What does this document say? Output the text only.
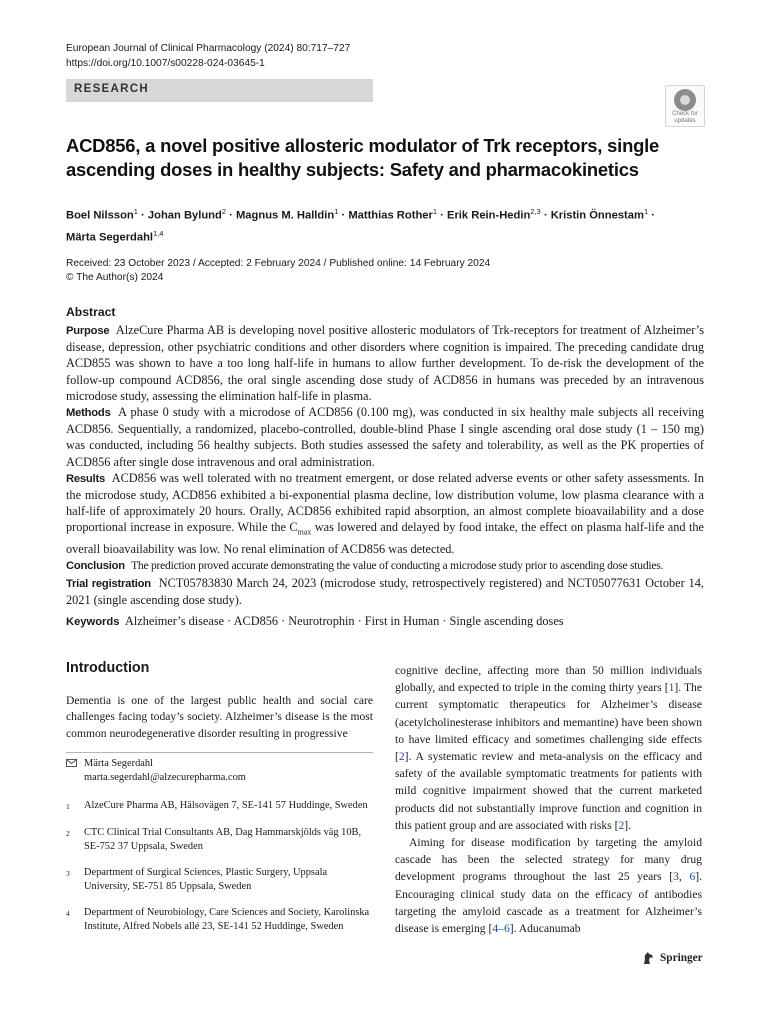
European Journal of Clinical Pharmacology (2024) 80:717–727
https://doi.org/10.1007/s00228-024-03645-1
RESEARCH
Check for
updates
ACD856, a novel positive allosteric modulator of Trk receptors, single ascending doses in healthy subjects: Safety and pharmacokinetics
Boel Nilsson$^1$ · Johan Bylund$^2$ · Magnus M. Halldin$^1$ · Matthias Rother$^1$ · Erik Rein-Hedin$^{2,3}$ · Kristin Önnestam$^1$ ·
Märta Segerdahl$^{1,4}$
Received: 23 October 2023 / Accepted: 2 February 2024 / Published online: 14 February 2024
© The Author(s) 2024
Abstract

Purpose AlzeCure Pharma AB is developing novel positive allosteric modulators of Trk-receptors for treatment of Alzheimer’s disease, depression, other psychiatric conditions and other disorders where cognition is impaired. The preceding candidate drug ACD855 was shown to have a too long half-life in humans to allow further development. To de-risk the development of the follow-up compound ACD856, the oral single ascending dose study of ACD856 in humans was preceded by an intravenous microdose study, assessing the elimination half-life in plasma.

Methods A phase 0 study with a microdose of ACD856 (0.100 mg), was conducted in six healthy male subjects all receiving ACD856. Sequentially, a randomized, placebo-controlled, double-blind Phase I single ascending oral dose study (1 – 150 mg) was conducted, including 56 healthy subjects. Both studies assessed the safety and tolerability, as well as the PK properties of ACD856 after single dose intravenous and oral administration.

Results ACD856 was well tolerated with no treatment emergent, or dose related adverse events or other safety assessments. In the microdose study, ACD856 exhibited a bi-exponential plasma decline, low distribution volume, low plasma clearance with a half-life of approximately 20 hours. Orally, ACD856 exhibited rapid absorption, an almost complete bioavailability and a dose proportional increase in exposure. While the $C_{max}$ was lowered and delayed by food intake, the effect on plasma half-life and the overall bioavailability was low. No renal elimination of ACD856 was detected.

Conclusion The prediction proved accurate demonstrating the value of conducting a microdose study prior to ascending dose studies.

Trial registration NCT05783830 March 24, 2023 (microdose study, retrospectively registered) and NCT05077631 October 14, 2021 (single ascending dose study).

Keywords Alzheimer’s disease · ACD856 · Neurotrophin · First in Human · Single ascending doses
Introduction

Dementia is one of the largest public health and social care challenges facing today’s society. Alzheimer’s disease is the most common neurodegenerative disorder resulting in progressive

Märta Segerdahl
marta.segerdahl@alzecurepharma.com
1	AlzeCure Pharma AB, Hälsovägen 7, SE-141 57 Huddinge, Sweden
2	CTC Clinical Trial Consultants AB, Dag Hammarskjölds väg 10B, SE-752 37 Uppsala, Sweden
3	Department of Surgical Sciences, Plastic Surgery, Uppsala University, SE-751 85 Uppsala, Sweden
4	Department of Neurobiology, Care Sciences and Society, Karolinska Institute, Alfred Nobels allé 23, SE-141 52 Huddinge, Sweden

cognitive decline, affecting more than 50 million individuals globally, and expected to triple in the coming thirty years [1]. The current symptomatic therapeutics for Alzheimer’s disease (acetylcholinesterase inhibitors and memantine) have been shown to have limited efficacy and sometimes challenging side effects [2]. A systematic review and meta-analysis on the efficacy and safety of the available symptomatic treatments for patients with mild cognitive impairment showed that the current marketed products did not substantially improve function and cognition in this patient group and are associated with risks [2].

Aiming for disease modification by targeting the amyloid cascade has been the selected strategy for many drug development programs throughout the last 25 years [3, 6]. Encouraging clinical study data on the efficacy of antibodies targeting the amyloid cascade as a treatment for Alzheimer’s disease is emerging [4–6]. Aducanumab

Springer
